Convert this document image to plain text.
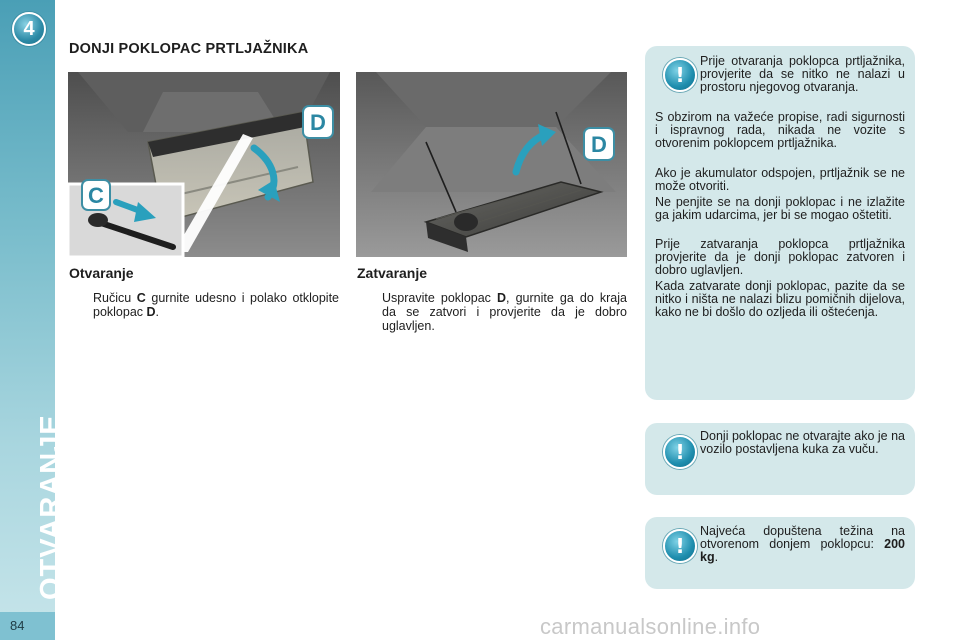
4
OTVARANJE
84
DONJI POKLOPAC PRTLJAŽNIKA
C
D
D
Otvaranje
Ručicu C gurnite udesno i polako otklopite poklopac D.
Zatvaranje
Uspravite poklopac D, gurnite ga do kraja da se zatvori i provjerite da je dobro uglavljen.
!
Prije otvaranja poklopca prtljažnika, provjerite da se nitko ne nalazi u prostoru njegovog otvaranja.
S obzirom na važeće propise, radi sigurnosti i ispravnog rada, nikada ne vozite s otvorenim poklopcem prtljažnika.
Ako je akumulator odspojen, prtljažnik se ne može otvoriti.
Ne penjite se na donji poklopac i ne izlažite ga jakim udarcima, jer bi se mogao oštetiti.
Prije zatvaranja poklopca prtljažnika provjerite da je donji poklopac zatvoren i dobro uglavljen.
Kada zatvarate donji poklopac, pazite da se nitko i ništa ne nalazi blizu pomičnih dijelova, kako ne bi došlo do ozljeda ili oštećenja.
!
Donji poklopac ne otvarajte ako je na vozilo postavljena kuka za vuču.
!
Najveća dopuštena težina na otvorenom donjem poklopcu: 200 kg.
carmanualsonline.info
